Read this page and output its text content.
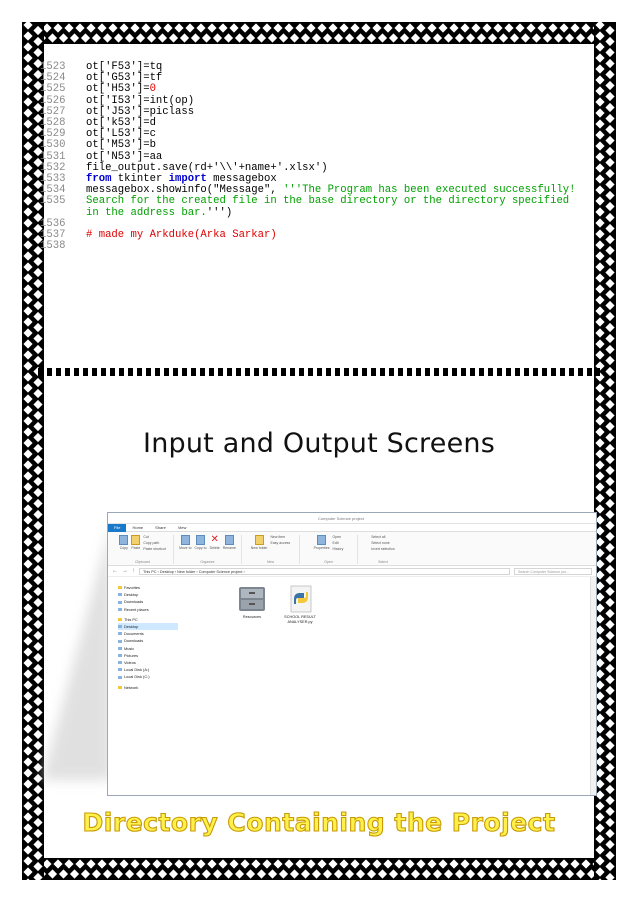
1523	ot['F53']=tq
1524	ot['G53']=tf
1525	ot['H53']= 0
1526	ot['I53']=int(op)
1527	ot['J53']=piclass
1528	ot['k53']=d
1529	ot['L53']=c
1530	ot['M53']=b
1531	ot['N53']=aa
1532	file_output.save(rd+'\\'+name+'.xlsx')
1533	from tkinter import messagebox
1534	messagebox.showinfo("Message", '''The Program has been executed successfully!
1535	Search for the created file in the base directory or the directory specified
in the address bar. ''')
1536
1537	# made my Arkduke(Arka Sarkar)
1538
Input and Output Screens
Computer Science project
File	Home	Share	View
Copy Paste
Cut
Copy path
Paste shortcut
Clipboard
Move to Copy to
✕
Delete Rename
Organize
New folder
New item
Easy access
New
Properties
Open
Edit
History
Open
Select all
Select none
Invert selection
Select
← → ↑	This PC › Desktop › New folder › Computer Science project ›	Search Computer Science pro...
Favorites
Desktop
Downloads
Recent places
This PC
Desktop
Documents
Downloads
Music
Pictures
Videos
Local Disk (A:)
Local Disk (C:)
Network
Resources	SCHOOL RESULT ANALYSER.py
Directory Containing the Project
